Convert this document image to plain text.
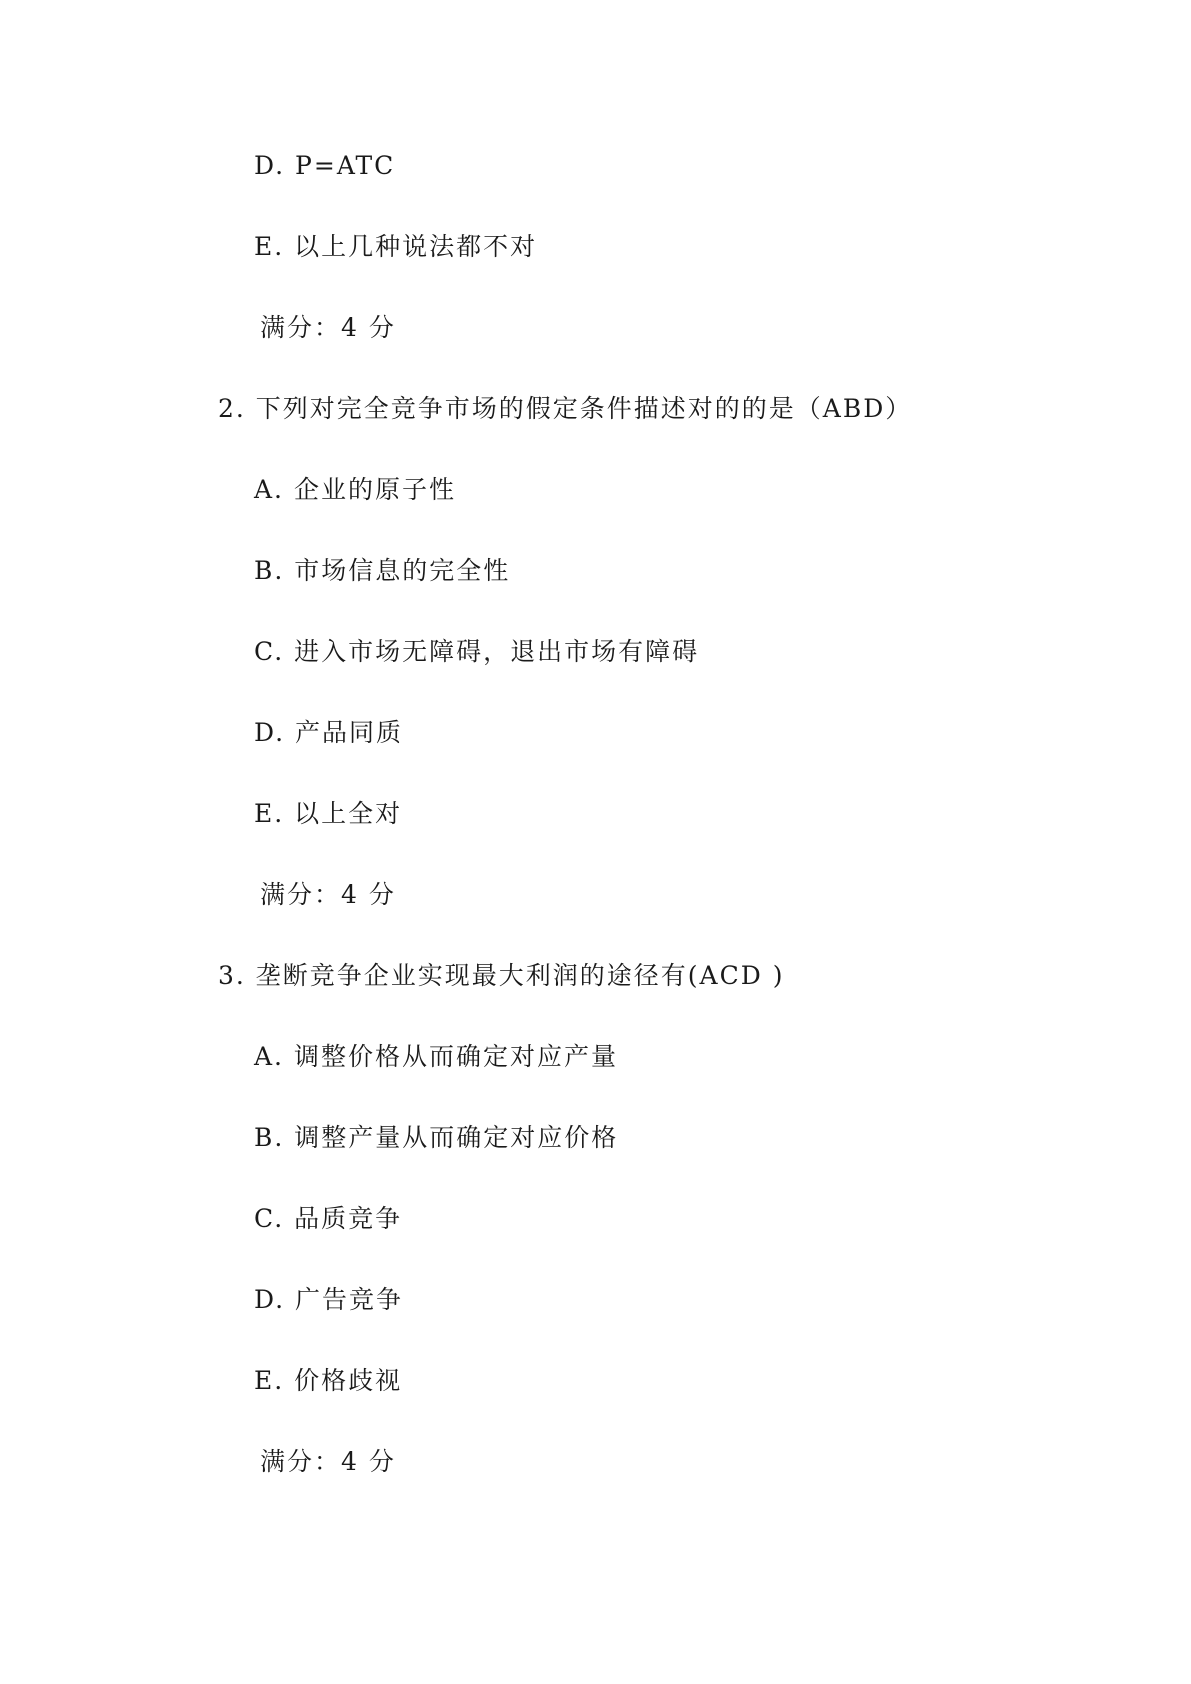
D. P=ATC
E. 以上几种说法都不对
满分：4 分
2. 下列对完全竞争市场的假定条件描述对的的是（ABD）
A. 企业的原子性
B. 市场信息的完全性
C. 进入市场无障碍，退出市场有障碍
D. 产品同质
E. 以上全对
满分：4 分
3. 垄断竞争企业实现最大利润的途径有(ACD )
A. 调整价格从而确定对应产量
B. 调整产量从而确定对应价格
C. 品质竞争
D. 广告竞争
E. 价格歧视
满分：4 分
